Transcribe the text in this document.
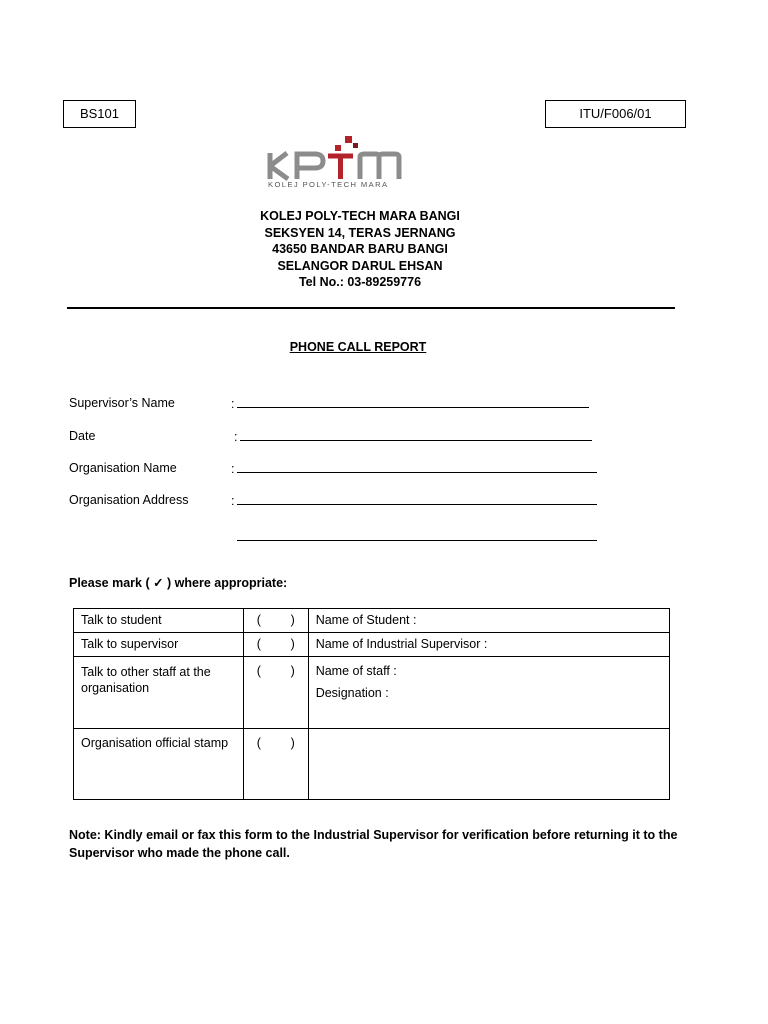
BS101	ITU/F006/01
KOLEJ POLY-TECH MARA
KOLEJ POLY-TECH MARA BANGI
SEKSYEN 14, TERAS JERNANG
43650 BANDAR BARU BANGI
SELANGOR DARUL EHSAN
Tel No.: 03-89259776
PHONE CALL REPORT
Supervisor’s Name	:
Date	:
Organisation Name	:
Organisation Address	:
Please mark ( ✓ ) where appropriate:
Talk to student	( )	Name of Student :

Talk to supervisor	( )	Name of Industrial Supervisor :

Talk to other staff at the organisation	( )	Name of staff :
Designation :

Organisation official stamp	( )	
Note: Kindly email or fax this form to the Industrial Supervisor for verification before returning it to the Supervisor who made the phone call.
